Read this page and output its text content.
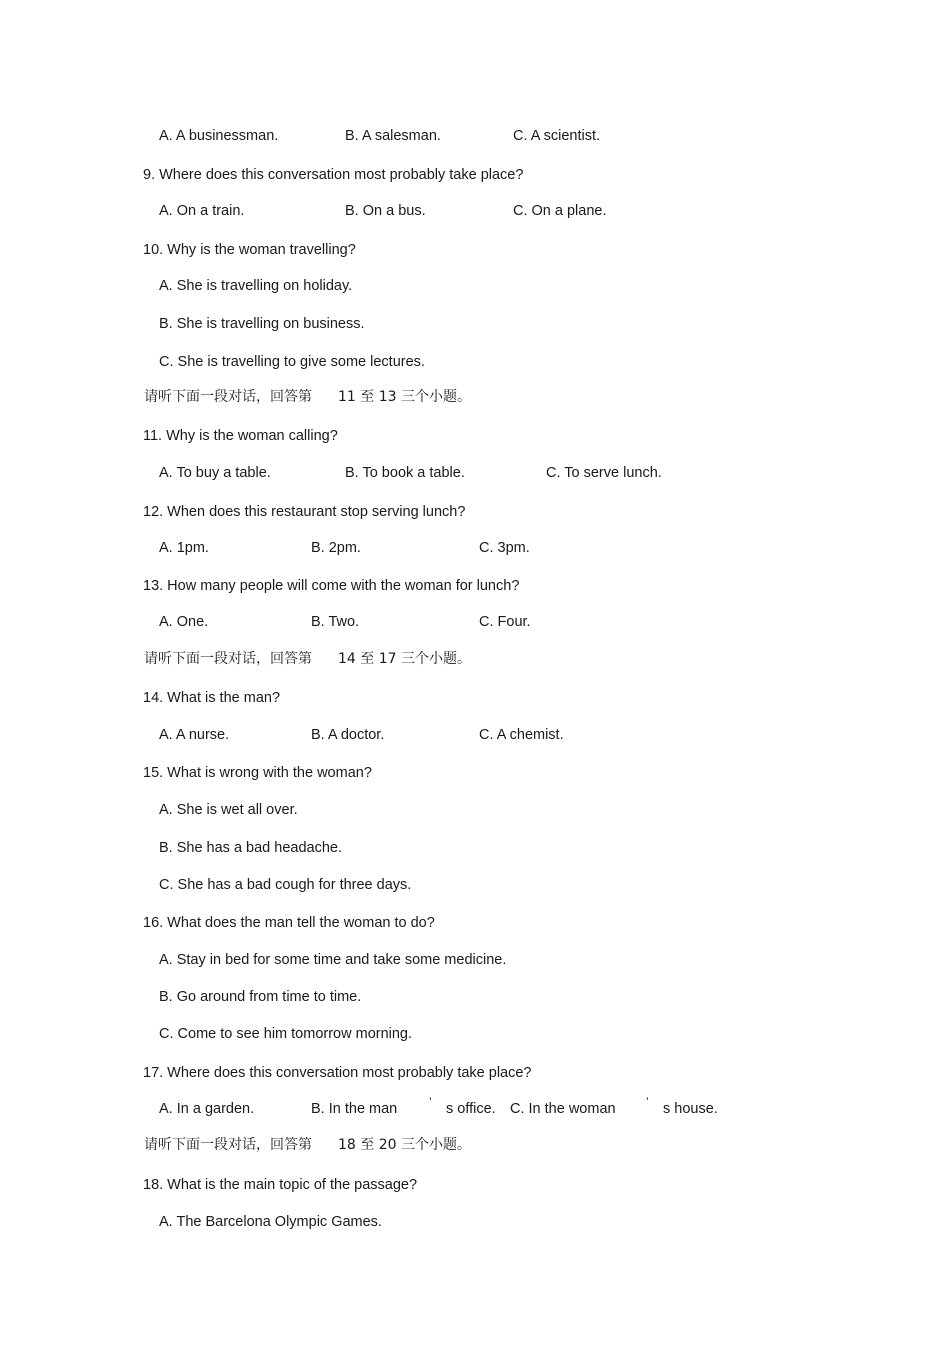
A. A businessman.	B. A salesman.	C. A scientist.
9. Where does this conversation most probably take place?
A. On a train.	B. On a bus.	C. On a plane.
10. Why is the woman travelling?
A. She is travelling on holiday.
B. She is travelling on business.
C. She is travelling to give some lectures.
请听下面一段对话，回答第 11 至 13 三个小题。
11. Why is the woman calling?
A. To buy a table.	B. To book a table.	C. To serve lunch.
12. When does this restaurant stop serving lunch?
A. 1pm.	B. 2pm.	C. 3pm.
13. How many people will come with the woman for lunch?
A. One.	B. Two.	C. Four.
请听下面一段对话，回答第 14 至 17 三个小题。
14. What is the man?
A. A nurse.	B. A doctor.	C. A chemist.
15. What is wrong with the woman?
A. She is wet all over.
B. She has a bad headache.
C. She has a bad cough for three days.
16. What does the man tell the woman to do?
A. Stay in bed for some time and take some medicine.
B. Go around from time to time.
C. Come to see him tomorrow morning.
17. Where does this conversation most probably take place?
A. In a garden.	B. In the man	’ s office. C. In the woman	’ s house.
请听下面一段对话，回答第 18 至 20 三个小题。
18. What is the main topic of the passage?
A. The Barcelona Olympic Games.
